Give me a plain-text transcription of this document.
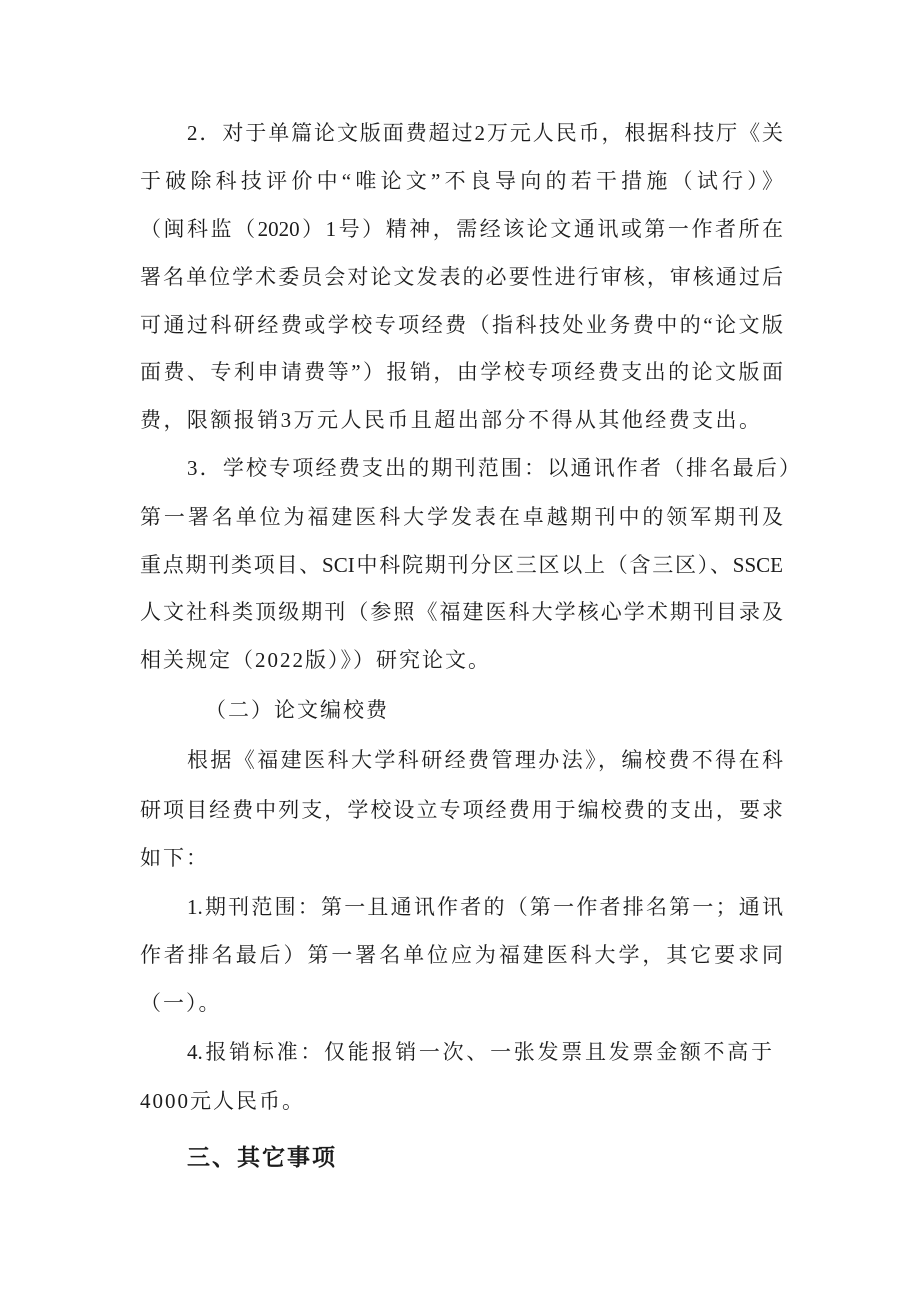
2．对于单篇论文版面费超过2万元人民币，根据科技厅《关
于破除科技评价中“唯论文”不良导向的若干措施（试行）》
（闽科监（2020）1号）精神，需经该论文通讯或第一作者所在
署名单位学术委员会对论文发表的必要性进行审核，审核通过后
可通过科研经费或学校专项经费（指科技处业务费中的“论文版
面费、专利申请费等”）报销，由学校专项经费支出的论文版面
费，限额报销3万元人民币且超出部分不得从其他经费支出。
3．学校专项经费支出的期刊范围：以通讯作者（排名最后）
第一署名单位为福建医科大学发表在卓越期刊中的领军期刊及
重点期刊类项目、SCI中科院期刊分区三区以上（含三区）、SSCE
人文社科类顶级期刊（参照《福建医科大学核心学术期刊目录及
相关规定（2022版）》）研究论文。
（二）论文编校费
根据《福建医科大学科研经费管理办法》，编校费不得在科
研项目经费中列支，学校设立专项经费用于编校费的支出，要求
如下：
1.期刊范围：第一且通讯作者的（第一作者排名第一；通讯
作者排名最后）第一署名单位应为福建医科大学，其它要求同
（一）。
4.报销标准：仅能报销一次、一张发票且发票金额不高于
4000元人民币。
三、其它事项
